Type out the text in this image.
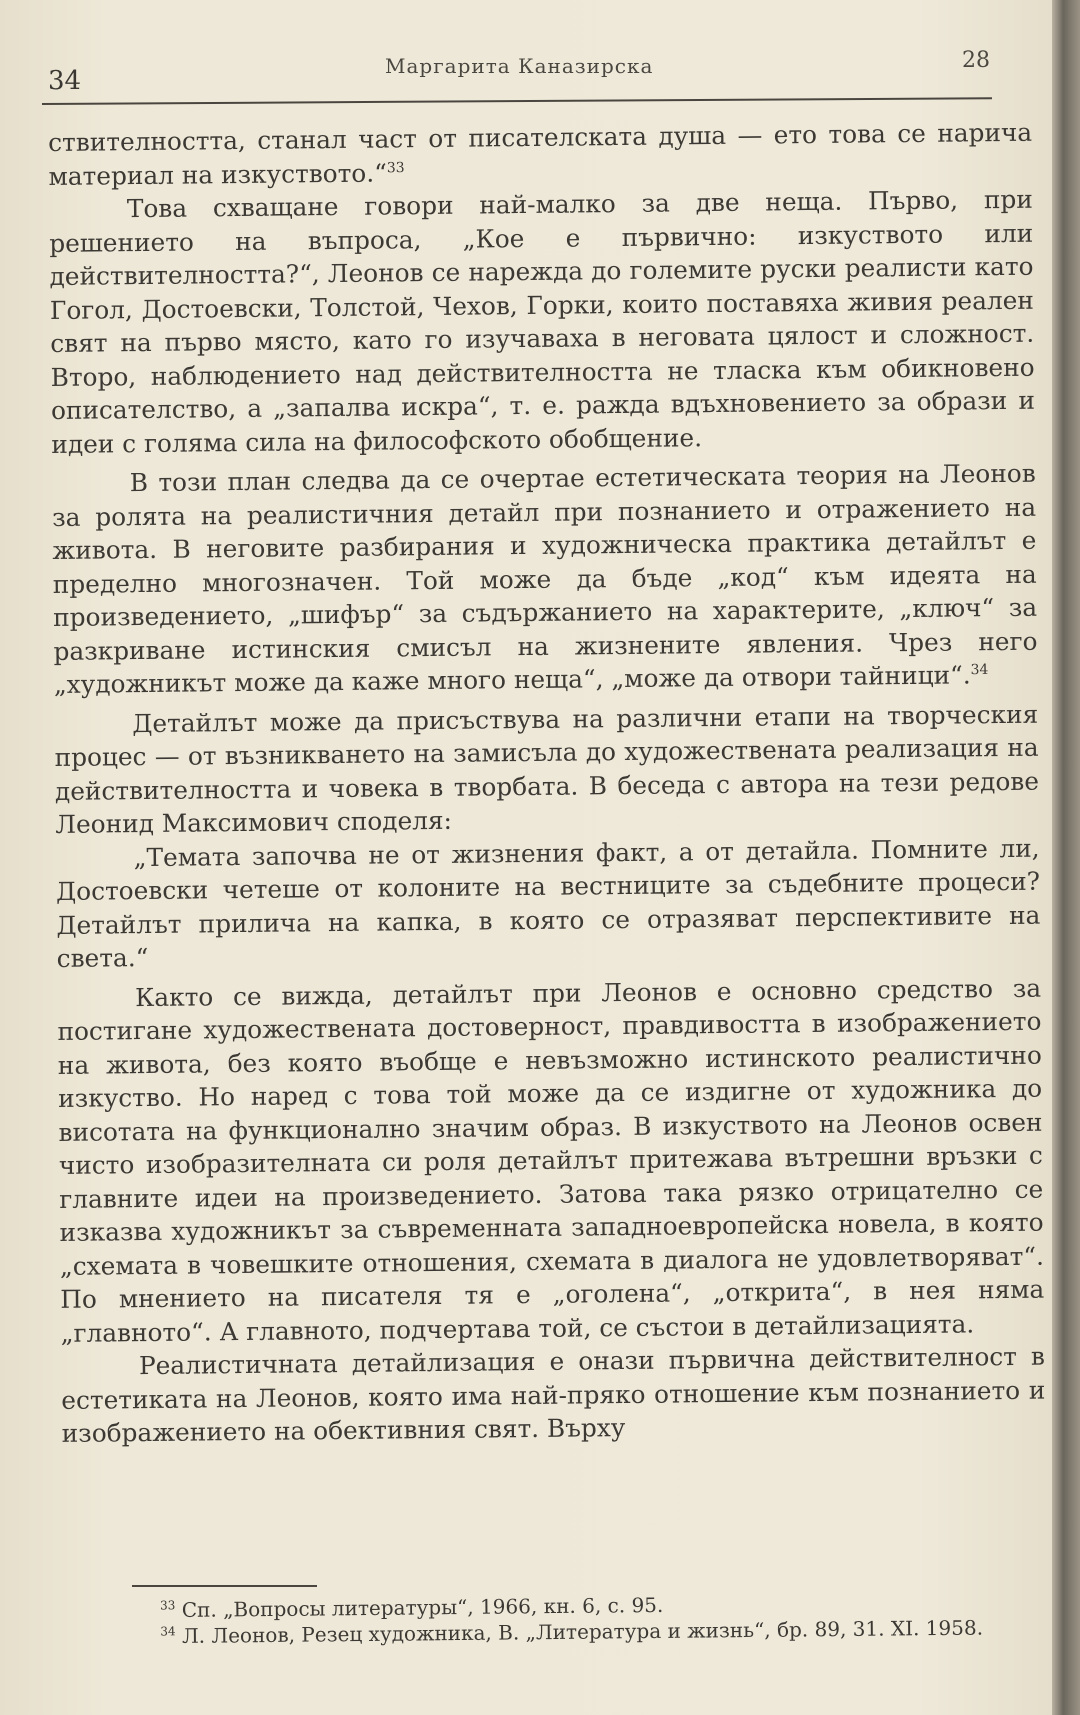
34	Маргарита Каназирска	28

ствителността, станал част от писателската душа — ето това се нарича материал на изкуството.“$^{33}$

Това схващане говори най-малко за две неща. Първо, при решението на въпроса, „Кое е първично: изкуството или действителността?“, Леонов се нарежда до големите руски реалисти като Гогол, Достоевски, Толстой, Чехов, Горки, които поставяха живия реален свят на първо място, като го изучаваха в неговата цялост и сложност. Второ, наблюдението над действителността не тласка към обикновено описателство, а „запалва искра“, т. е. ражда вдъхновението за образи и идеи с голяма сила на философското обобщение.

В този план следва да се очертае естетическата теория на Леонов за ролята на реалистичния детайл при познанието и отражението на живота. В неговите разбирания и художническа практика детайлът е пределно многозначен. Той може да бъде „код“ към идеята на произведението, „шифър“ за съдържанието на характерите, „ключ“ за разкриване истинския смисъл на жизнените явления. Чрез него „художникът може да каже много неща“, „може да отвори тайници“.$^{34}$

Детайлът може да присъствува на различни етапи на творческия процес — от възникването на замисъла до художествената реализация на действителността и човека в творбата. В беседа с автора на тези редове Леонид Максимович споделя:

„Темата започва не от жизнения факт, а от детайла. Помните ли, Достоевски четеше от колоните на вестниците за съдебните процеси? Детайлът прилича на капка, в която се отразяват перспективите на света.“

Както се вижда, детайлът при Леонов е основно средство за постигане художествената достоверност, правдивостта в изображението на живота, без която въобще е невъзможно истинското реалистично изкуство. Но наред с това той може да се издигне от художника до висотата на функционално значим образ. В изкуството на Леонов освен чисто изобразителната си роля детайлът притежава вътрешни връзки с главните идеи на произведението. Затова така рязко отрицателно се изказва художникът за съвременната западноевропейска новела, в която „схемата в човешките отношения, схемата в диалога не удовлетворяват“. По мнението на писателя тя е „оголена“, „открита“, в нея няма „главното“. А главното, подчертава той, се състои в детайлизацията.

Реалистичната детайлизация е онази първична действителност в естетиката на Леонов, която има най-пряко отношение към познанието и изображението на обективния свят. Върху

$^{33}$ Сп. „Вопросы литературы“, 1966, кн. 6, с. 95.

$^{34}$ Л. Леонов, Резец художника, В. „Литература и жизнь“, бр. 89, 31. XI. 1958.
